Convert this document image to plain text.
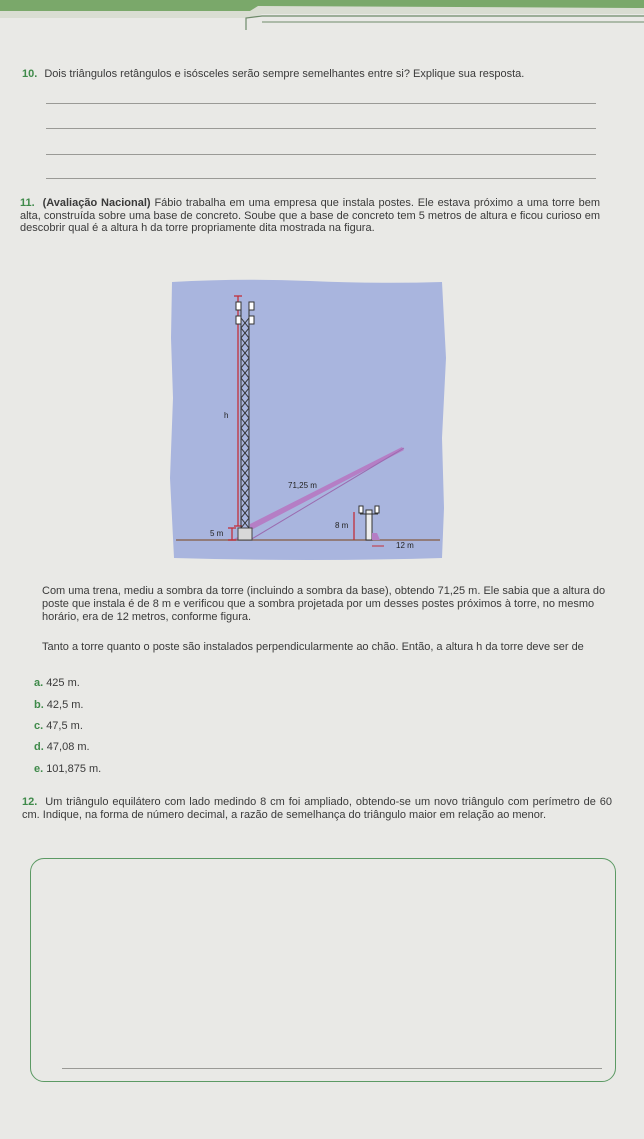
10. Dois triângulos retângulos e isósceles serão sempre semelhantes entre si? Explique sua resposta.
11. (Avaliação Nacional) Fábio trabalha em uma empresa que instala postes. Ele estava próximo a uma torre bem alta, construída sobre uma base de concreto. Soube que a base de concreto tem 5 metros de altura e ficou curioso em descobrir qual é a altura h da torre propriamente dita mostrada na figura.
h
71,25 m
5 m
8 m
12 m
Com uma trena, mediu a sombra da torre (incluindo a sombra da base), obtendo 71,25 m. Ele sabia que a altura do poste que instala é de 8 m e verificou que a sombra projetada por um desses postes próximos à torre, no mesmo horário, era de 12 metros, conforme figura.
Tanto a torre quanto o poste são instalados perpendicularmente ao chão. Então, a altura h da torre deve ser de
a. 425 m.
b. 42,5 m.
c. 47,5 m.
d. 47,08 m.
e. 101,875 m.
12. Um triângulo equilátero com lado medindo 8 cm foi ampliado, obtendo-se um novo triângulo com perímetro de 60 cm. Indique, na forma de número decimal, a razão de semelhança do triângulo maior em relação ao menor.
